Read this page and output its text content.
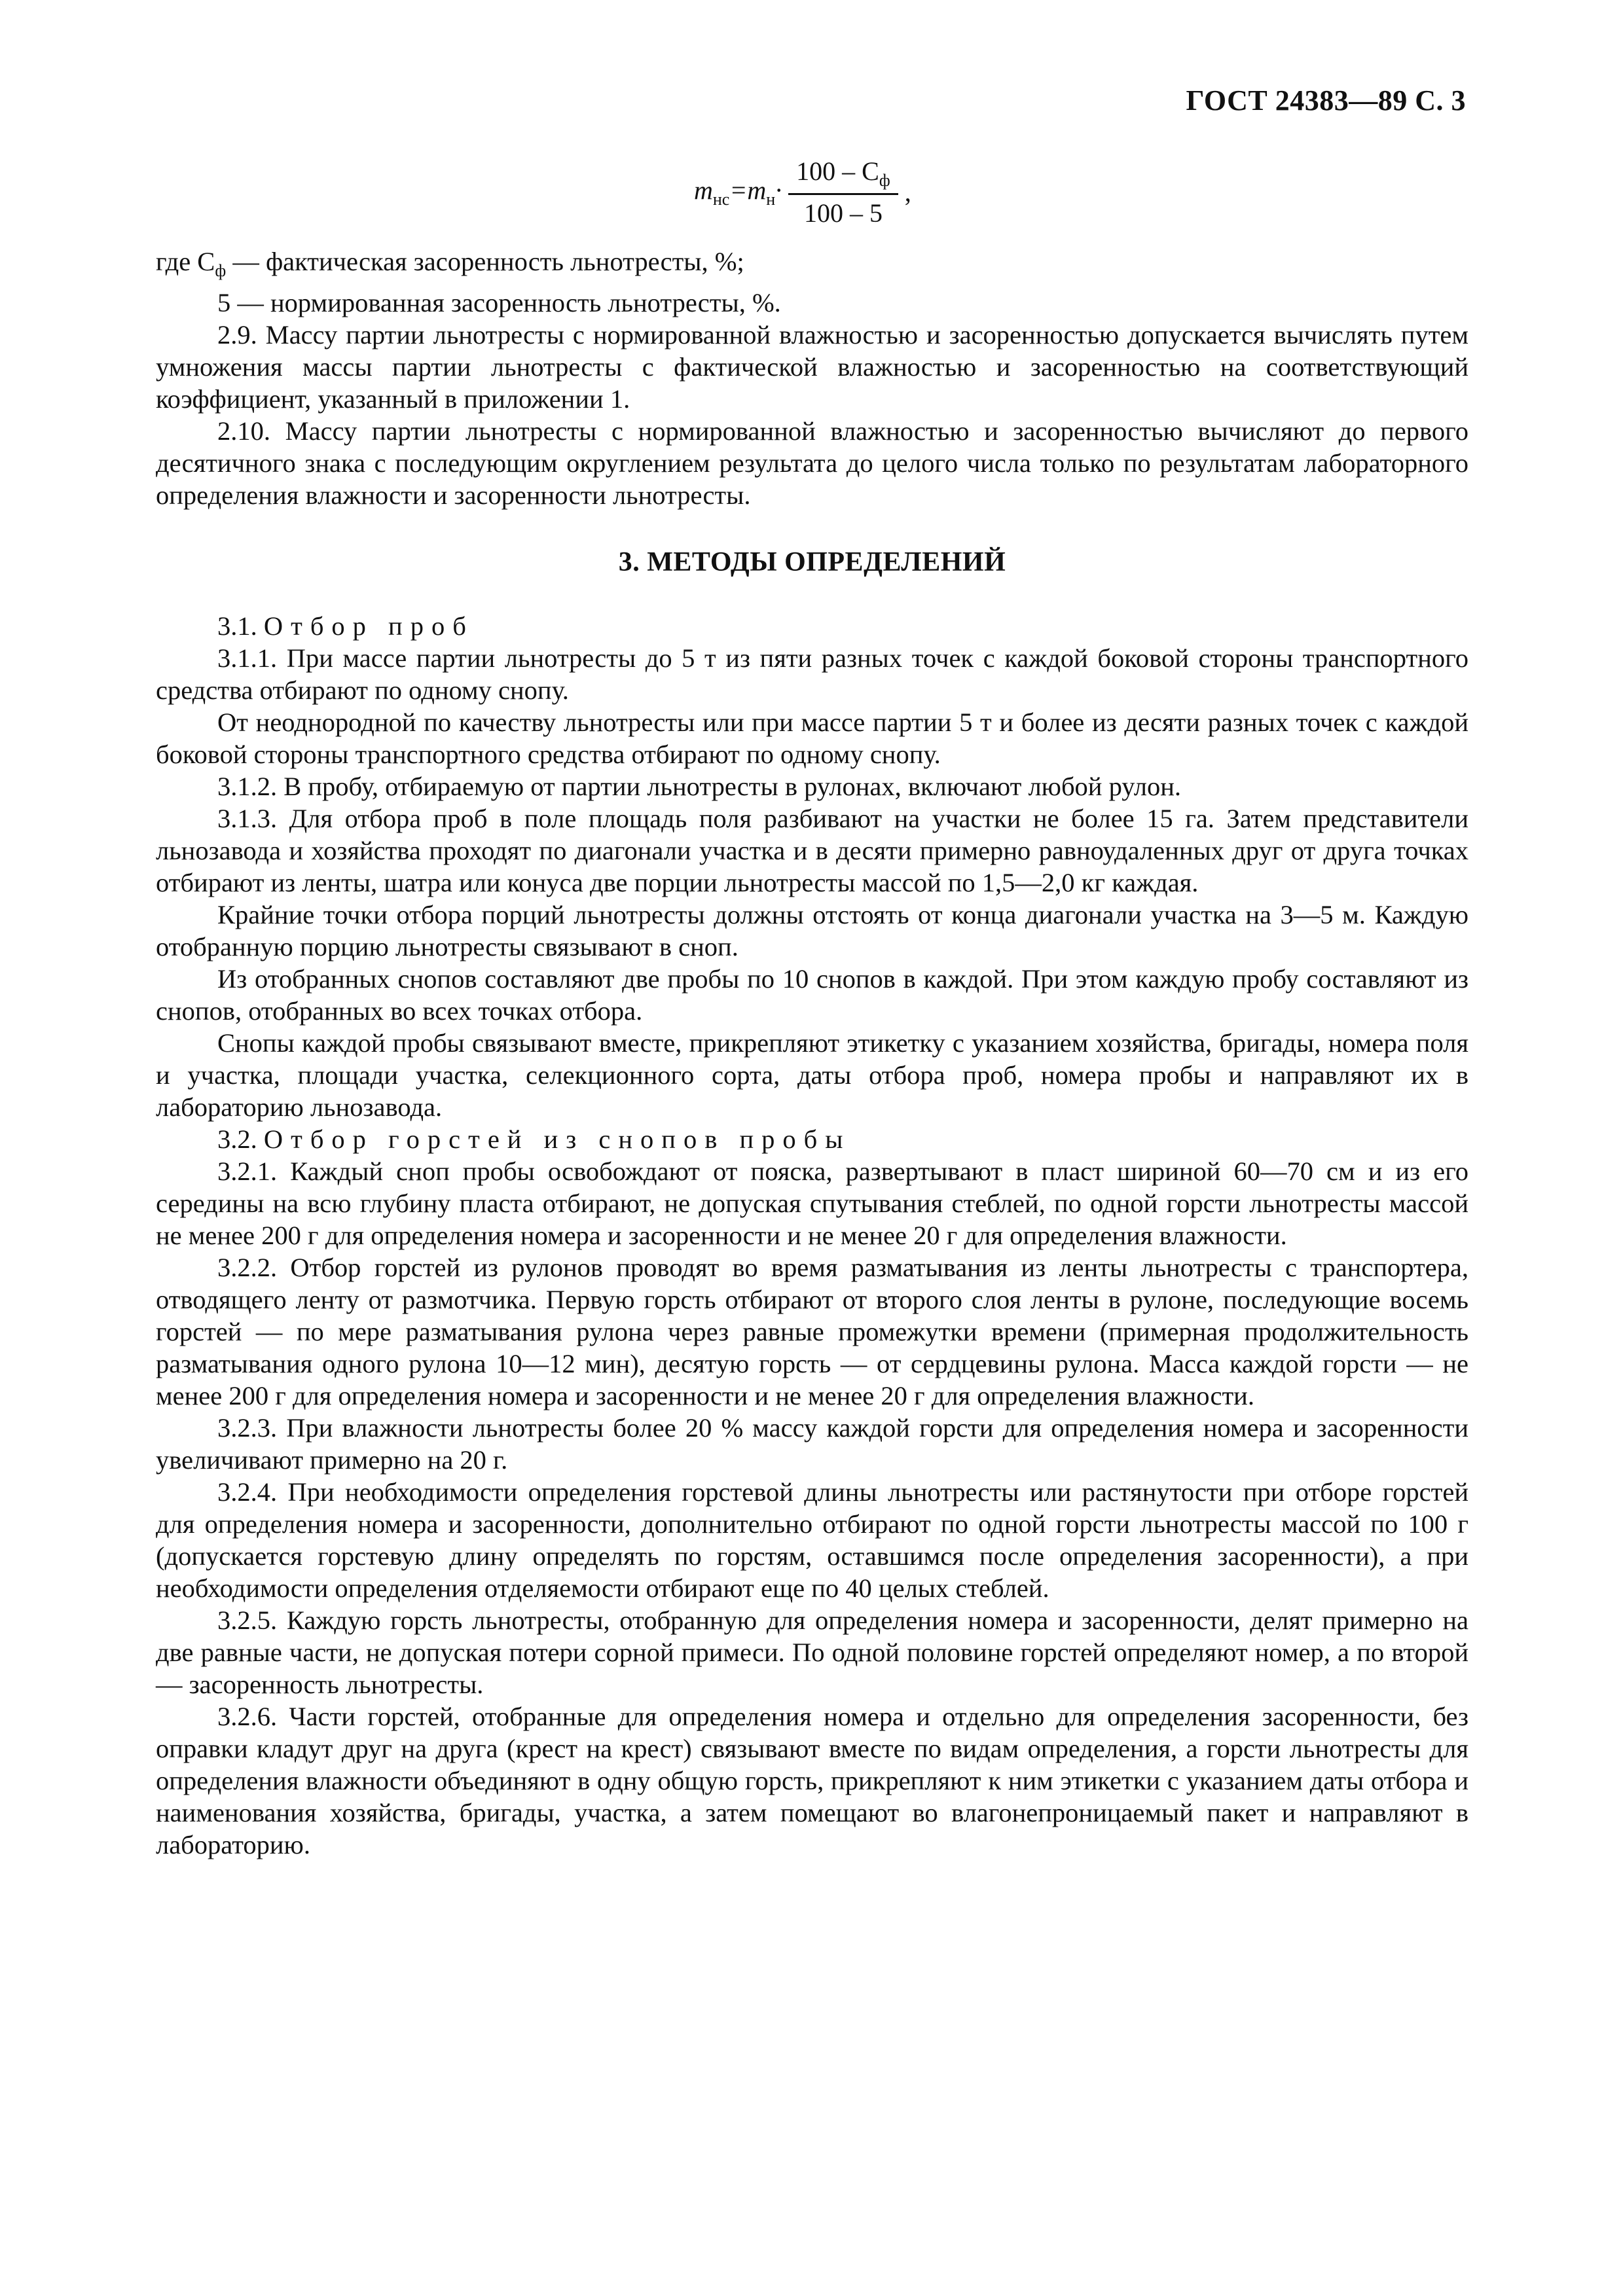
ГОСТ 24383—89 С. 3
$m_{нс}=m_н\cdot \frac{100 - C_ф}{100 - 5}$ ,

где $C_ф$ — фактическая засоренность льнотресты, %;

5 — нормированная засоренность льнотресты, %.

2.9. Массу партии льнотресты с нормированной влажностью и засоренностью допускается вычислять путем умножения массы партии льнотресты с фактической влажностью и засоренностью на соответствующий коэффициент, указанный в приложении 1.

2.10. Массу партии льнотресты с нормированной влажностью и засоренностью вычисляют до первого десятичного знака с последующим округлением результата до целого числа только по результатам лабораторного определения влажности и засоренности льнотресты.

3. МЕТОДЫ ОПРЕДЕЛЕНИЙ

3.1. Отбор проб

3.1.1. При массе партии льнотресты до 5 т из пяти разных точек с каждой боковой стороны транспортного средства отбирают по одному снопу.

От неоднородной по качеству льнотресты или при массе партии 5 т и более из десяти разных точек с каждой боковой стороны транспортного средства отбирают по одному снопу.

3.1.2. В пробу, отбираемую от партии льнотресты в рулонах, включают любой рулон.

3.1.3. Для отбора проб в поле площадь поля разбивают на участки не более 15 га. Затем представители льнозавода и хозяйства проходят по диагонали участка и в десяти примерно равноудаленных друг от друга точках отбирают из ленты, шатра или конуса две порции льнотресты массой по 1,5—2,0 кг каждая.

Крайние точки отбора порций льнотресты должны отстоять от конца диагонали участка на 3—5 м. Каждую отобранную порцию льнотресты связывают в сноп.

Из отобранных снопов составляют две пробы по 10 снопов в каждой. При этом каждую пробу составляют из снопов, отобранных во всех точках отбора.

Снопы каждой пробы связывают вместе, прикрепляют этикетку с указанием хозяйства, бригады, номера поля и участка, площади участка, селекционного сорта, даты отбора проб, номера пробы и направляют их в лабораторию льнозавода.

3.2. Отбор горстей из снопов пробы

3.2.1. Каждый сноп пробы освобождают от пояска, развертывают в пласт шириной 60—70 см и из его середины на всю глубину пласта отбирают, не допуская спутывания стеблей, по одной горсти льнотресты массой не менее 200 г для определения номера и засоренности и не менее 20 г для определения влажности.

3.2.2. Отбор горстей из рулонов проводят во время разматывания из ленты льнотресты с транспортера, отводящего ленту от размотчика. Первую горсть отбирают от второго слоя ленты в рулоне, последующие восемь горстей — по мере разматывания рулона через равные промежутки времени (примерная продолжительность разматывания одного рулона 10—12 мин), десятую горсть — от сердцевины рулона. Масса каждой горсти — не менее 200 г для определения номера и засоренности и не менее 20 г для определения влажности.

3.2.3. При влажности льнотресты более 20 % массу каждой горсти для определения номера и засоренности увеличивают примерно на 20 г.

3.2.4. При необходимости определения горстевой длины льнотресты или растянутости при отборе горстей для определения номера и засоренности, дополнительно отбирают по одной горсти льнотресты массой по 100 г (допускается горстевую длину определять по горстям, оставшимся после определения засоренности), а при необходимости определения отделяемости отбирают еще по 40 целых стеблей.

3.2.5. Каждую горсть льнотресты, отобранную для определения номера и засоренности, делят примерно на две равные части, не допуская потери сорной примеси. По одной половине горстей определяют номер, а по второй — засоренность льнотресты.

3.2.6. Части горстей, отобранные для определения номера и отдельно для определения засоренности, без оправки кладут друг на друга (крест на крест) связывают вместе по видам определения, а горсти льнотресты для определения влажности объединяют в одну общую горсть, прикрепляют к ним этикетки с указанием даты отбора и наименования хозяйства, бригады, участка, а затем помещают во влагонепроницаемый пакет и направляют в лабораторию.
